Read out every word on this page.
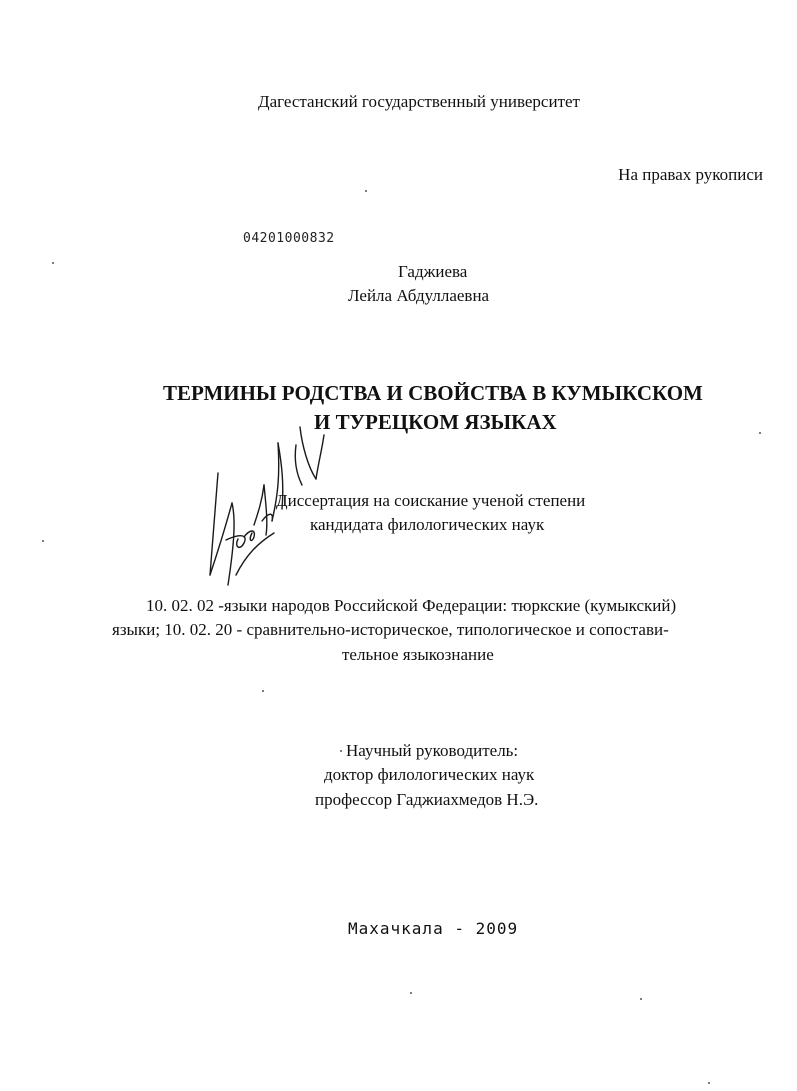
Дагестанский государственный университет
На правах рукописи
04201000832
Гаджиева
Лейла Абдуллаевна
ТЕРМИНЫ РОДСТВА И СВОЙСТВА В КУМЫКСКОМ
И ТУРЕЦКОМ ЯЗЫКАХ
Диссертация на соискание ученой степени
кандидата филологических наук
10. 02. 02 -языки народов Российской Федерации: тюркские (кумыкский)
языки; 10. 02. 20 - сравнительно-историческое, типологическое и сопостави-
тельное языкознание
Научный руководитель:
доктор филологических наук
профессор Гаджиахмедов Н.Э.
Махачкала - 2009
